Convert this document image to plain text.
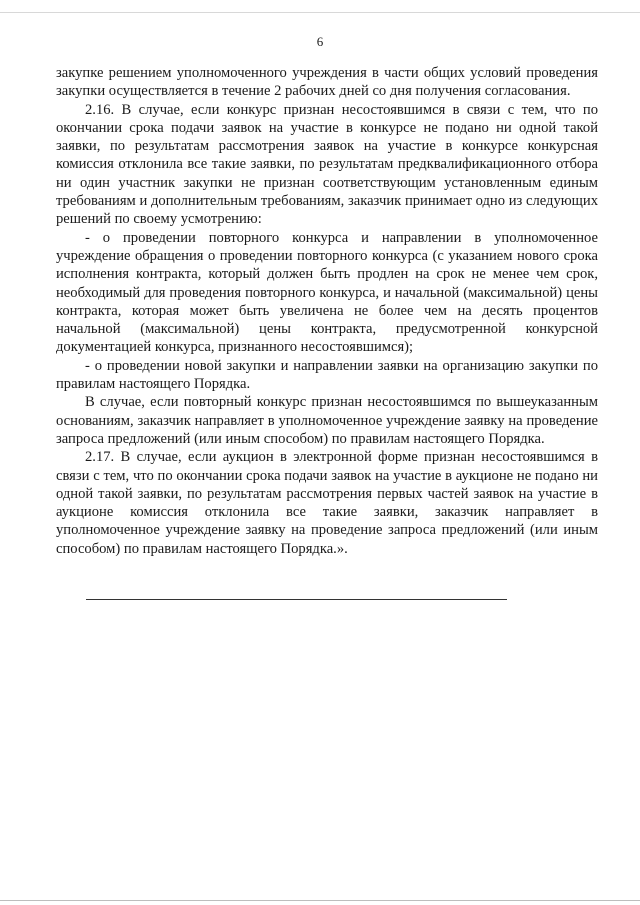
6

закупке решением уполномоченного учреждения в части общих условий проведения закупки осуществляется в течение 2 рабочих дней со дня получения согласования.

2.16. В случае, если конкурс признан несостоявшимся в связи с тем, что по окончании срока подачи заявок на участие в конкурсе не подано ни одной такой заявки, по результатам рассмотрения заявок на участие в конкурсе конкурсная комиссия отклонила все такие заявки, по результатам предквалификационного отбора ни один участник закупки не признан соответствующим установленным единым требованиям и дополнительным требованиям, заказчик принимает одно из следующих решений по своему усмотрению:

- о проведении повторного конкурса и направлении в уполномоченное учреждение обращения о проведении повторного конкурса (с указанием нового срока исполнения контракта, который должен быть продлен на срок не менее чем срок, необходимый для проведения повторного конкурса, и начальной (максимальной) цены контракта, которая может быть увеличена не более чем на десять процентов начальной (максимальной) цены контракта, предусмотренной конкурсной документацией конкурса, признанного несостоявшимся);

- о проведении новой закупки и направлении заявки на организацию закупки по правилам настоящего Порядка.

В случае, если повторный конкурс признан несостоявшимся по вышеуказанным основаниям, заказчик направляет в уполномоченное учреждение заявку на проведение запроса предложений (или иным способом) по правилам настоящего Порядка.

2.17. В случае, если аукцион в электронной форме признан несостоявшимся в связи с тем, что по окончании срока подачи заявок на участие в аукционе не подано ни одной такой заявки, по результатам рассмотрения первых частей заявок на участие в аукционе комиссия отклонила все такие заявки, заказчик направляет в уполномоченное учреждение заявку на проведение запроса предложений (или иным способом) по правилам настоящего Порядка.».
